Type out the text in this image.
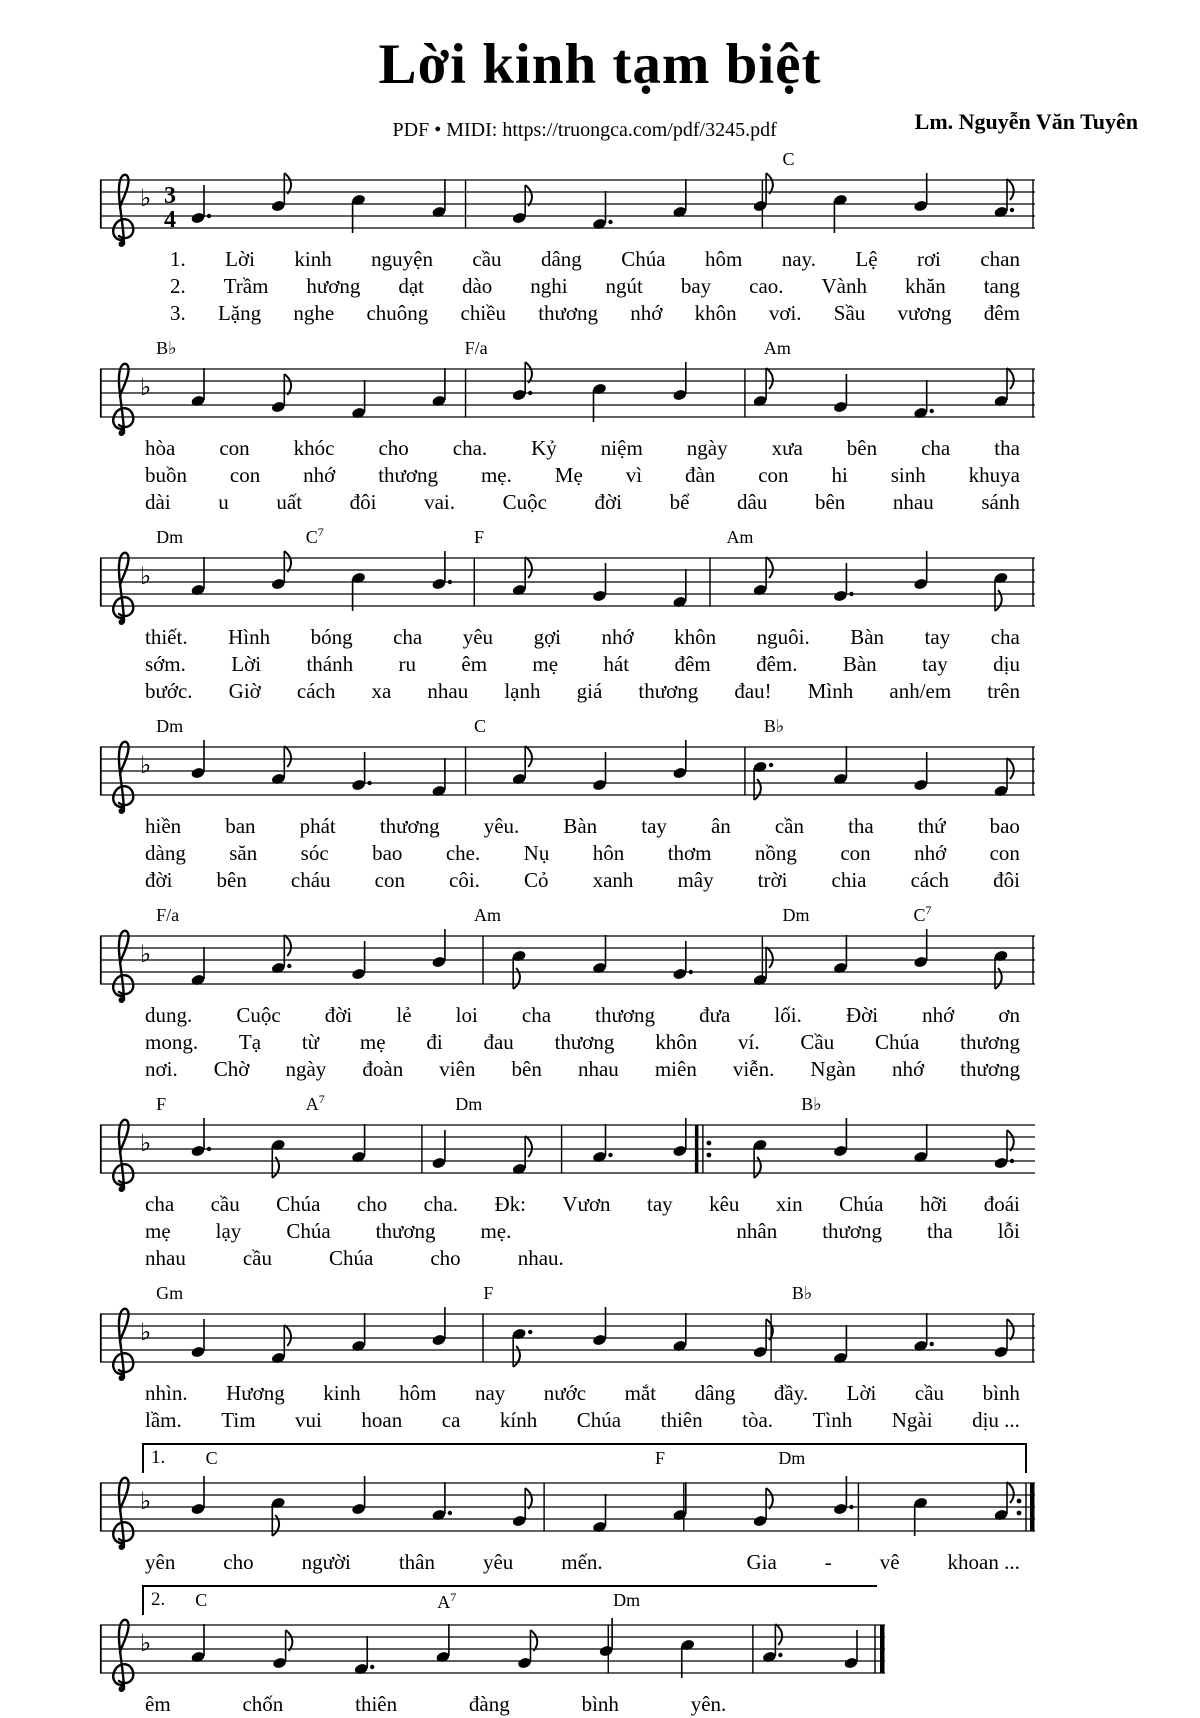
Lời kinh tạm biệt
PDF • MIDI: https://truongca.com/pdf/3245.pdf	Lm. Nguyễn Văn Tuyên
C
♭ 3
4
1. Lời kinh nguyện cầu dâng Chúa hôm nay. Lệ rơi chan
2. Trầm hương dạt dào nghi ngút bay cao. Vành khăn tang
3. Lặng nghe chuông chiều thương nhớ khôn vơi. Sầu vương đêm
B♭	F/a	Am
♭
hòa con khóc cho cha. Kỷ niệm ngày xưa bên cha tha
buồn con nhớ thương mẹ. Mẹ vì đàn con hi sinh khuya
dài u uất đôi vai. Cuộc đời bể dâu bên nhau sánh
Dm	$C^7$	F	Am
♭
thiết. Hình bóng cha yêu gợi nhớ khôn nguôi. Bàn tay cha
sớm. Lời thánh ru êm mẹ hát đêm đêm. Bàn tay dịu
bước. Giờ cách xa nhau lạnh giá thương đau! Mình anh/em trên
Dm	C	B♭
♭
hiền ban phát thương yêu. Bàn tay ân cần tha thứ bao
dàng săn sóc bao che. Nụ hôn thơm nồng con nhớ con
đời bên cháu con côi. Cỏ xanh mây trời chia cách đôi
F/a	Am	Dm	$C^7$
♭
dung. Cuộc đời lẻ loi cha thương đưa lối. Đời nhớ ơn
mong. Tạ từ mẹ đi đau thương khôn ví. Cầu Chúa thương
nơi. Chờ ngày đoàn viên bên nhau miên viễn. Ngàn nhớ thương
F	$A^7$	Dm	B♭
♭
cha cầu Chúa cho cha. Đk: Vươn tay kêu xin Chúa hỡi đoái
mẹ lạy Chúa thương mẹ.	nhân thương tha lỗi
nhau	cầu	Chúa	cho	nhau.
Gm	F	B♭
♭
nhìn. Hương kinh hôm nay nước mắt dâng đầy. Lời cầu bình
lầm. Tim vui hoan ca kính Chúa thiên tòa. Tình Ngài dịu ...
1. C	F	Dm
♭
yên cho người thân yêu mến.	Gia - vê khoan ...
2. C	$A^7$	Dm
♭
êm	chốn	thiên	đàng	bình	yên.
